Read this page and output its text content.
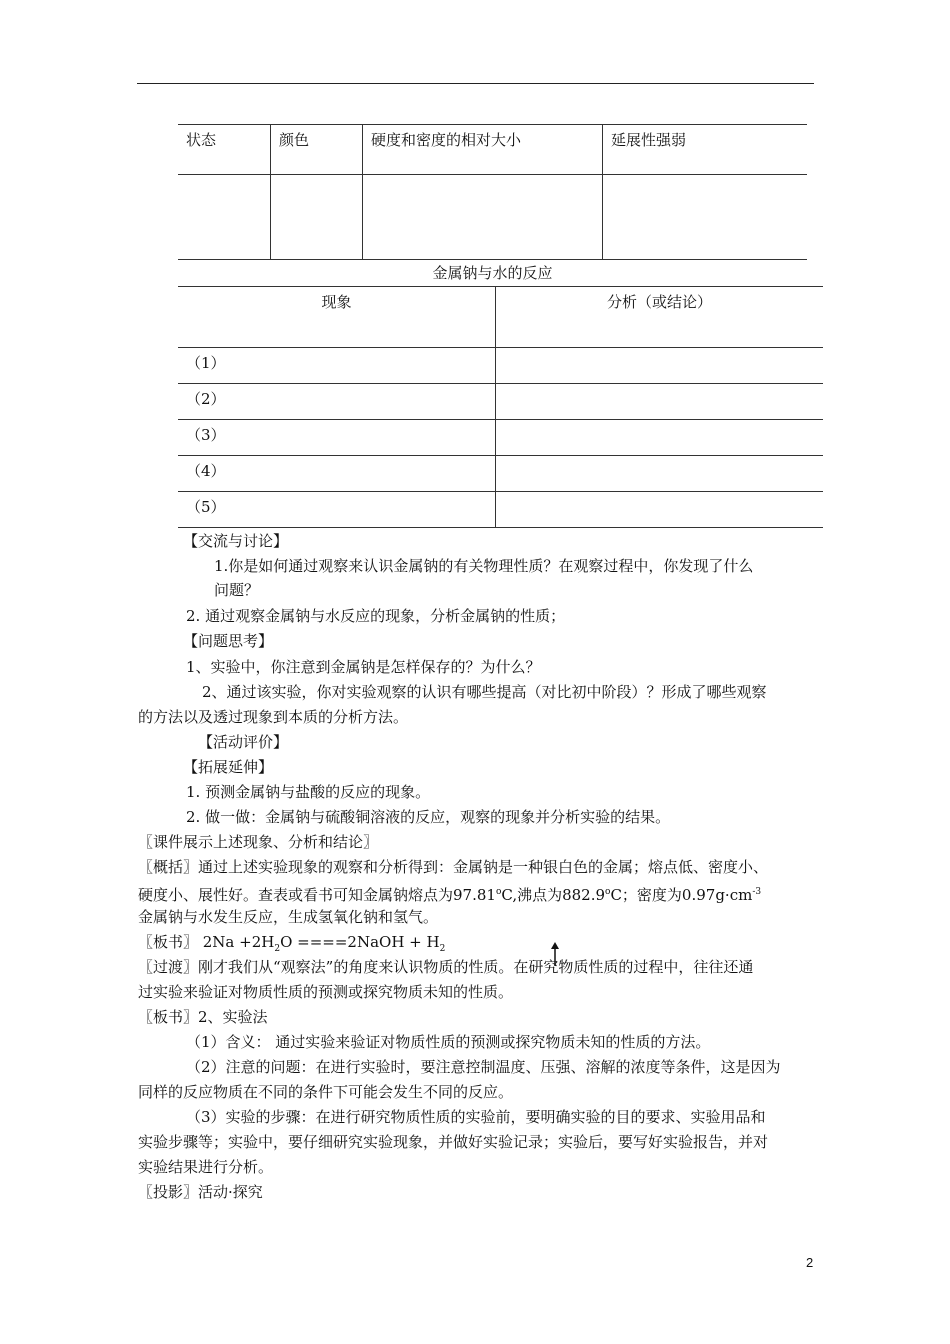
状态	颜色	硬度和密度的相对大小	延展性强弱

金属钠与水的反应
现象	分析（或结论）
（1）	
（2）	
（3）	
（4）	
（5）	
【交流与讨论】
1.你是如何通过观察来认识金属钠的有关物理性质？在观察过程中，你发现了什么
问题？
2. 通过观察金属钠与水反应的现象，分析金属钠的性质；
【问题思考】
1、实验中，你注意到金属钠是怎样保存的？为什么？
2、通过该实验，你对实验观察的认识有哪些提高（对比初中阶段）？形成了哪些观察
的方法以及透过现象到本质的分析方法。
【活动评价】
【拓展延伸】
1. 预测金属钠与盐酸的反应的现象。
2. 做一做：金属钠与硫酸铜溶液的反应，观察的现象并分析实验的结果。
〖课件展示上述现象、分析和结论〗
〖概括〗通过上述实验现象的观察和分析得到：金属钠是一种银白色的金属；熔点低、密度小、
硬度小、展性好。查表或看书可知金属钠熔点为97.81$^o$C,沸点为882.9$^o$C；密度为$0.97g\cdot cm^{-3}$
金属钠与水发生反应，生成氢氧化钠和氢气。
〖板书〗 $2Na +2H_2O$ ====2NaOH + $H_2$
〖过渡〗刚才我们从“观察法”的角度来认识物质的性质。在研究物质性质的过程中，往往还通
过实验来验证对物质性质的预测或探究物质未知的性质。
〖板书〗2、实验法
（1）含义： 通过实验来验证对物质性质的预测或探究物质未知的性质的方法。
（2）注意的问题：在进行实验时，要注意控制温度、压强、溶解的浓度等条件，这是因为
同样的反应物质在不同的条件下可能会发生不同的反应。
（3）实验的步骤：在进行研究物质性质的实验前，要明确实验的目的要求、实验用品和
实验步骤等；实验中，要仔细研究实验现象，并做好实验记录；实验后，要写好实验报告，并对
实验结果进行分析。
〖投影〗活动·探究
2
